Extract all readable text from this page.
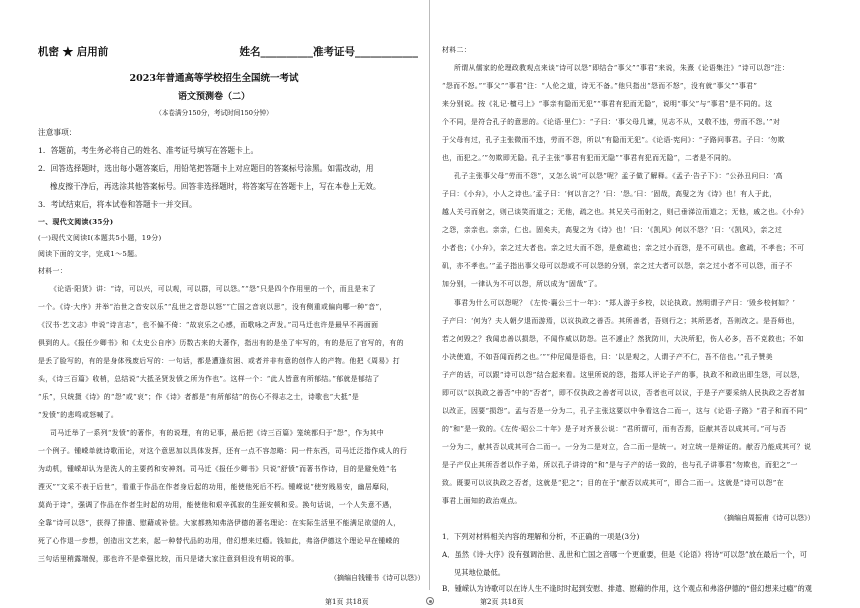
机密 ★ 启用前	姓名__________准考证号____________
2023年普通高等学校招生全国统一考试
语文预测卷（二）
（本卷满分150分，考试时间150分钟）
注意事项：
1．答题前，考生务必将自己的姓名、准考证号填写在答题卡上。
2．回答选择题时，选出每小题答案后，用铅笔把答题卡上对应题目的答案标号涂黑。如需改动，用
橡皮擦干净后，再选涂其他答案标号。回答非选择题时，将答案写在答题卡上，写在本卷上无效。
3．考试结束后，将本试卷和答题卡一并交回。
一、现代文阅读(35分)
(一)现代文阅读Ⅰ(本题共5小题，19分)
阅读下面的文字，完成1～5题。
材料一：
《论语·阳货》讲：“诗，可以兴，可以观，可以群，可以怨。”“怨”只是四个作用里的一个，而且是末了
一个。《诗·大序》并举“治世之音安以乐”“乱世之音怨以怒”“亡国之音哀以思”，没有侧重或偏向哪一种“音”，
《汉书·艺文志》申说“诗言志”，也不偏不倚：“故哀乐之心感，而歌咏之声发。”司马迁也许是最早不再面面
俱到的人。《报任少卿书》和《太史公自序》历数古来的大著作，指出有的是坐了牢写的，有的是厄了官写的，有的
是丢了脸写的，有的是身体残废后写的：一句话，都是遭逢贫困、或者并非有意的创作人的产物。他把《周易》打
头，《诗三百篇》收梢，总结说“大抵圣贤发愤之所为作也”。这样一个：“此人皆意有所郁结。”郁就是郁结了
“乐”，只统摄《诗》的“怨”或“哀”；作《诗》者都是“有所郁结”的伤心不得志之士，诗歌也“大抵”是
“发愤”的悲鸣或怒喊了。
司马迁举了一系列“发愤”的著作，有的说理，有的记事，最后把《诗三百篇》笼统都归于“怨”，作为其中
一个例子。锺嵘单就诗歌而论，对这个意思加以具体发挥，还有一点不容忽略：同一件东西，司马迁泛指作成人的行
为动机，锺嵘却认为是洗人的主要药和安神剂。司马迁《报任少卿书》只说“舒愤”而著书作诗，目的是避免姓“名
湮灭”“文采不表于后世”，看重于作品在作者身后起的功用，能使他死后不朽。锺嵘说“使穷贱易安，幽居靡闷，
莫尚于诗”，强调了作品在作者生时起的功用，能使他和艰辛孤寂的生涯安顿和妥。换句话说，一个人失意不遇，
全靠“诗可以怨”，获得了排遣、慰藉或补偿。大家都熟知弗洛伊德的著名理论：在实际生活里不能满足欲望的人，
死了心作退一步想，创造出文艺来，起一种替代品的功用，借幻想来过瘾。钱如此，弗洛伊德这个理论早在锺嵘的
三句话里稍露端倪，那也许不是牵强比较，而只是诸大家注意到但没有明说的事。
（摘编自钱锺书《诗可以怨》）
第1页 共18页
材料二：
所谓从儒家的伦理政教观点来谈“诗可以怨”即结合“事父”“事君”来说，朱熹《论语集注》“诗可以怨”注：
“怨而不怒。”“事父”“事君”注：“人伦之道，诗无不备。”他只指出“怨而不怒”，没有就“事父”“事君”
来分别说。按《礼记·檀弓上》“事亲有隐而无犯”“事君有犯而无隐”，说明“事父”与“事君”是不同的。这
个不同，是符合孔子的意思的。《论语·里仁》：“子曰：‘事父母几谏，见志不从，又敬不违，劳而不怨。’”对
于父母有过，孔子主张微而不违，劳而不怨，所以“有隐而无犯”。《论语·宪问》：“子路问事君。子曰：‘勿欺
也，而犯之。’”勿欺即无隐。孔子主张“事君有犯而无隐”“事君有犯而无隐”，二者是不同的。
孔子主张事父母“劳而不怨”，又怎么说“可以怨”呢？孟子做了解释。《孟子·告子下》：“公孙丑问曰：‘高
子曰：《小弁》，小人之诗也。’孟子曰：‘何以言之？’曰：‘怨。’曰：‘固哉，高叟之为《诗》也！有人于此，
越人关弓而射之，则己谈笑而道之；无他，疏之也。其兄关弓而射之，则己垂涕泣而道之；无他，戚之也。《小弁》
之怨，亲亲也。亲亲，仁也。固矣夫，高叟之为《诗》也！’曰：‘《凯风》何以不怨？’曰：‘《凯风》，亲之过
小者也；《小弁》，亲之过大者也。亲之过大而不怨，是愈疏也；亲之过小而怨，是不可矶也。愈疏，不孝也；不可
矶，亦不孝也。’”孟子指出事父母可以怨或不可以怨的分别，亲之过大者可以怨，亲之过小者不可以怨，而子不
加分别，一律认为不可以怨，所以成为“固哉”了。
事君为什么可以怨呢？《左传·襄公三十一年》：“郑人游于乡校，以论执政。然明谓子产曰：‘毁乡校何如？’
子产曰：‘何为？夫人朝夕退而游焉，以议执政之善否。其所善者，吾则行之；其所恶者，吾则改之。是吾师也，
若之何毁之？我闻忠善以损怨，不闻作威以防怨。岂不遽止？然犹防川，大决所犯，伤人必多，吾不克救也；不如
小决使道，不如吾闻而药之也。’”“仲尼闻是语也，曰：‘以是观之，人谓子产不仁，吾不信也。’”孔子赞美
子产的话，可以跟“诗可以怨”结合起来看。这里所说的怨，指郑人评论子产的事，执政不和政出即生怨，可以怨，
即可以“以执政之善否”中的“否者”，即不仅执政之善者可以议，否者也可以议，于是子产要采纳人民执政之否者加
以改正，因要“损怨”。孟与否是一分为二，孔子主张这要以中争看这合二而一，这与《论语·子路》“君子和而不同”
的“和”是一致的。《左传·昭公二十年》是子对齐景公说：“君所谓可，而有否焉，臣献其否以成其可。”可与否
一分为二，献其否以成其可合二而一。一分为二是对立，合二而一是统一。对立统一是辩证的。献否乃能成其可？说
是子产仅止其所否者以作子弟，所以孔子讲诗的“和”是与子产的话一致的，也与孔子讲事君“勿欺也，而犯之”一
致。既要可以议执政之否者，这就是“犯之”；目的在于“献否以成其可”，即合二而一。这就是“诗可以怨”在
事君上面知的政治观点。
（摘编自周振甫《诗可以怨》）
1．下列对材料相关内容的理解和分析，不正确的一项是(3分)
A．虽然《诗·大序》没有强调治世、乱世和亡国之音哪一个更重要，但是《论语》将诗“可以怨”放在最后一个，可
见其地位最低。
B．锺嵘认为诗歌可以在诗人生不逢时时起到安慰、排遣、慰藉的作用，这个观点和弗洛伊德的“借幻想来过瘾”的观
第2页 共18页
